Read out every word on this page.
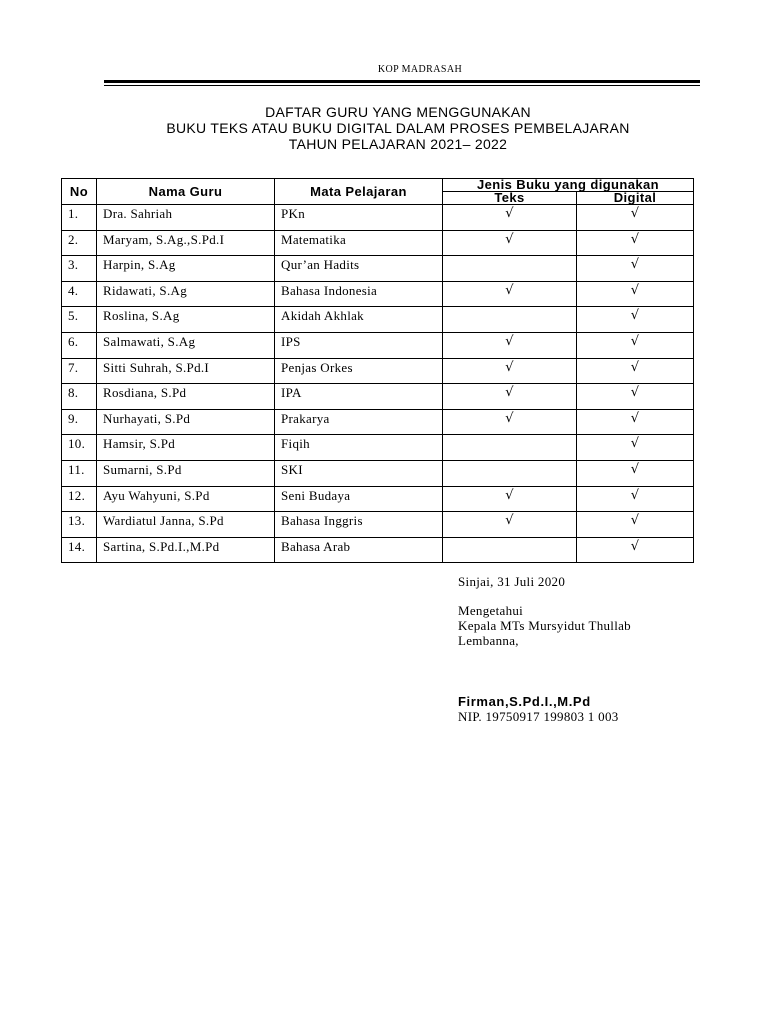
KOP MADRASAH
DAFTAR GURU YANG MENGGUNAKAN
BUKU TEKS ATAU BUKU DIGITAL DALAM PROSES PEMBELAJARAN
TAHUN PELAJARAN 2021– 2022
No	Nama Guru	Mata Pelajaran	Jenis Buku yang digunakan	
			Teks	Digital
1.	Dra. Sahriah	PKn	√	√
2.	Maryam, S.Ag.,S.Pd.I	Matematika	√	√
3.	Harpin, S.Ag	Qur’an Hadits		√
4.	Ridawati, S.Ag	Bahasa Indonesia	√	√
5.	Roslina, S.Ag	Akidah Akhlak		√
6.	Salmawati, S.Ag	IPS	√	√
7.	Sitti Suhrah, S.Pd.I	Penjas Orkes	√	√
8.	Rosdiana, S.Pd	IPA	√	√
9.	Nurhayati, S.Pd	Prakarya	√	√
10.	Hamsir, S.Pd	Fiqih		√
11.	Sumarni, S.Pd	SKI		√
12.	Ayu Wahyuni, S.Pd	Seni Budaya	√	√
13.	Wardiatul Janna, S.Pd	Bahasa Inggris	√	√
14.	Sartina, S.Pd.I.,M.Pd	Bahasa Arab		√
Sinjai, 31 Juli 2020
Mengetahui
Kepala MTs Mursyidut Thullab
Lembanna,
Firman,S.Pd.I.,M.Pd
NIP. 19750917 199803 1 003
